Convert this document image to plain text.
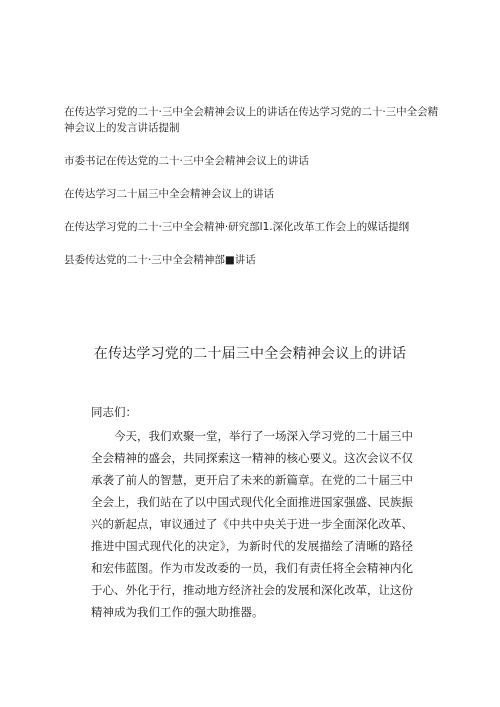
在传达学习党的二十·三中全会精神会议上的讲话在传达学习党的二十·三中全会精神会议上的发言讲话提制
市委书记在传达党的二十·三中全会精神会议上的讲话
在传达学习二十届三中全会精神会议上的讲话
在传达学习党的二十·三中全会精神·研究部l1.深化改革工作会上的媒话提纲
县委传达党的二十·三中全会精神部■讲话
在传达学习党的二十届三中全会精神会议上的讲话
同志们：
今天，我们欢聚一堂，举行了一场深入学习党的二十届三中全会精神的盛会，共同探索这一精神的核心要义。这次会议不仅承袭了前人的智慧，更开启了未来的新篇章。在党的二十届三中全会上，我们站在了以中国式现代化全面推进国家强盛、民族振兴的新起点，审议通过了《中共中央关于进一步全面深化改革、推进中国式现代化的决定》，为新时代的发展描绘了清晰的路径和宏伟蓝图。作为市发改委的一员，我们有责任将全会精神内化于心、外化于行，推动地方经济社会的发展和深化改革，让这份精神成为我们工作的强大助推器。
